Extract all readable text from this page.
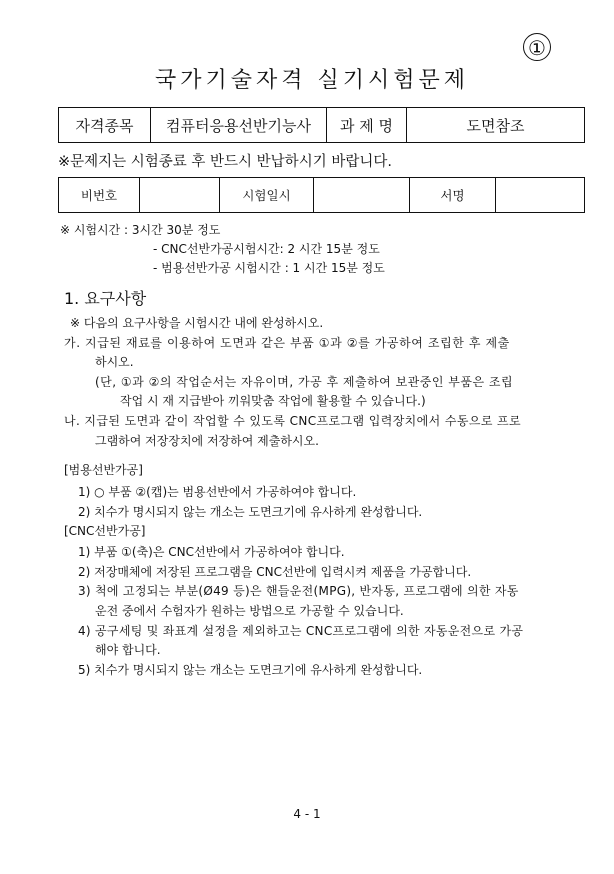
①
국가기술자격 실기시험문제
자격종목	컴퓨터응용선반기능사	과 제 명	도면참조
※문제지는 시험종료 후 반드시 반납하시기 바랍니다.
비번호		시험일시		서명	
※ 시험시간 : 3시간 30분 정도
- CNC선반가공시험시간: 2 시간 15분 정도
- 범용선반가공 시험시간 : 1 시간 15분 정도
1. 요구사항
※ 다음의 요구사항을 시험시간 내에 완성하시오.
가. 지급된 재료를 이용하여 도면과 같은 부품 ①과 ②를 가공하여 조립한 후 제출
하시오.
(단, ①과 ②의 작업순서는 자유이며, 가공 후 제출하여 보관중인 부품은 조립
작업 시 재 지급받아 끼워맞춤 작업에 활용할 수 있습니다.)
나. 지급된 도면과 같이 작업할 수 있도록 CNC프로그램 입력장치에서 수동으로 프로
그램하여 저장장치에 저장하여 제출하시오.
[범용선반가공]
1) ○ 부품 ②(캡)는 범용선반에서 가공하여야 합니다.
2) 치수가 명시되지 않는 개소는 도면크기에 유사하게 완성합니다.
[CNC선반가공]
1) 부품 ①(축)은 CNC선반에서 가공하여야 합니다.
2) 저장매체에 저장된 프로그램을 CNC선반에 입력시켜 제품을 가공합니다.
3) 척에 고정되는 부분(Ø49 등)은 핸들운전(MPG), 반자동, 프로그램에 의한 자동
운전 중에서 수험자가 원하는 방법으로 가공할 수 있습니다.
4) 공구세팅 및 좌표계 설정을 제외하고는 CNC프로그램에 의한 자동운전으로 가공
해야 합니다.
5) 치수가 명시되지 않는 개소는 도면크기에 유사하게 완성합니다.
4 - 1
